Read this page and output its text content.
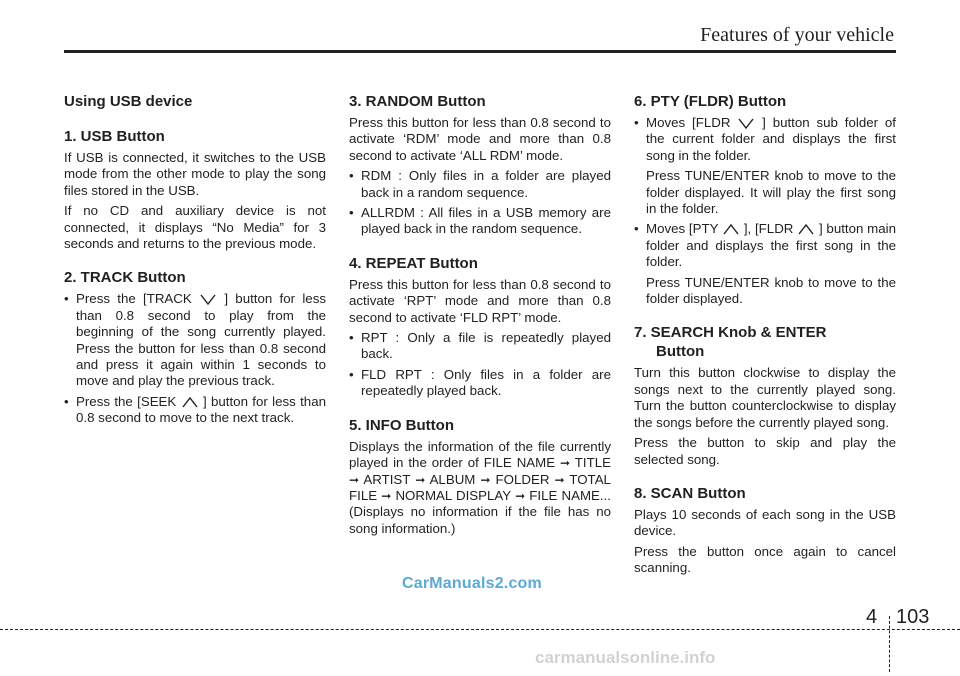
Features of your vehicle
Using USB device
1. USB Button

If USB is connected, it switches to the USB mode from the other mode to play the song files stored in the USB.

If no CD and auxiliary device is not connected, it displays “No Media” for 3 seconds and returns to the previous mode.

2. TRACK Button
• Press the [TRACK ] button for less than 0.8 second to play from the beginning of the song currently played. Press the button for less than 0.8 second and press it again within 1 seconds to move and play the previous track.
• Press the [SEEK ] button for less than 0.8 second to move to the next track.
3. RANDOM Button

Press this button for less than 0.8 second to activate ‘RDM’ mode and more than 0.8 second to activate ‘ALL RDM’ mode.

• RDM : Only files in a folder are played back in a random sequence.
• ALLRDM : All files in a USB memory are played back in the random sequence.
4. REPEAT Button

Press this button for less than 0.8 second to activate ‘RPT’ mode and more than 0.8 second to activate ‘FLD RPT’ mode.

• RPT : Only a file is repeatedly played back.
• FLD RPT : Only files in a folder are repeatedly played back.
5. INFO Button

Displays the information of the file currently played in the order of FILE NAME ➞ TITLE ➞ ARTIST ➞ ALBUM ➞ FOLDER ➞ TOTAL FILE ➞ NORMAL DISPLAY ➞ FILE NAME... (Displays no information if the file has no song information.)

6. PTY (FLDR) Button
• Moves [FLDR ] button sub folder of the current folder and displays the first song in the folder.
Press TUNE/ENTER knob to move to the folder displayed. It will play the first song in the folder.
• Moves [PTY ], [FLDR ] button main folder and displays the first song in the folder.
Press TUNE/ENTER knob to move to the folder displayed.
7. SEARCH Knob & ENTER
Button

Turn this button clockwise to display the songs next to the currently played song. Turn the button counterclockwise to display the songs before the currently played song.

Press the button to skip and play the selected song.

8. SCAN Button

Plays 10 seconds of each song in the USB device.

Press the button once again to cancel scanning.

CarManuals2.com
4 103
carmanualsonline.info
